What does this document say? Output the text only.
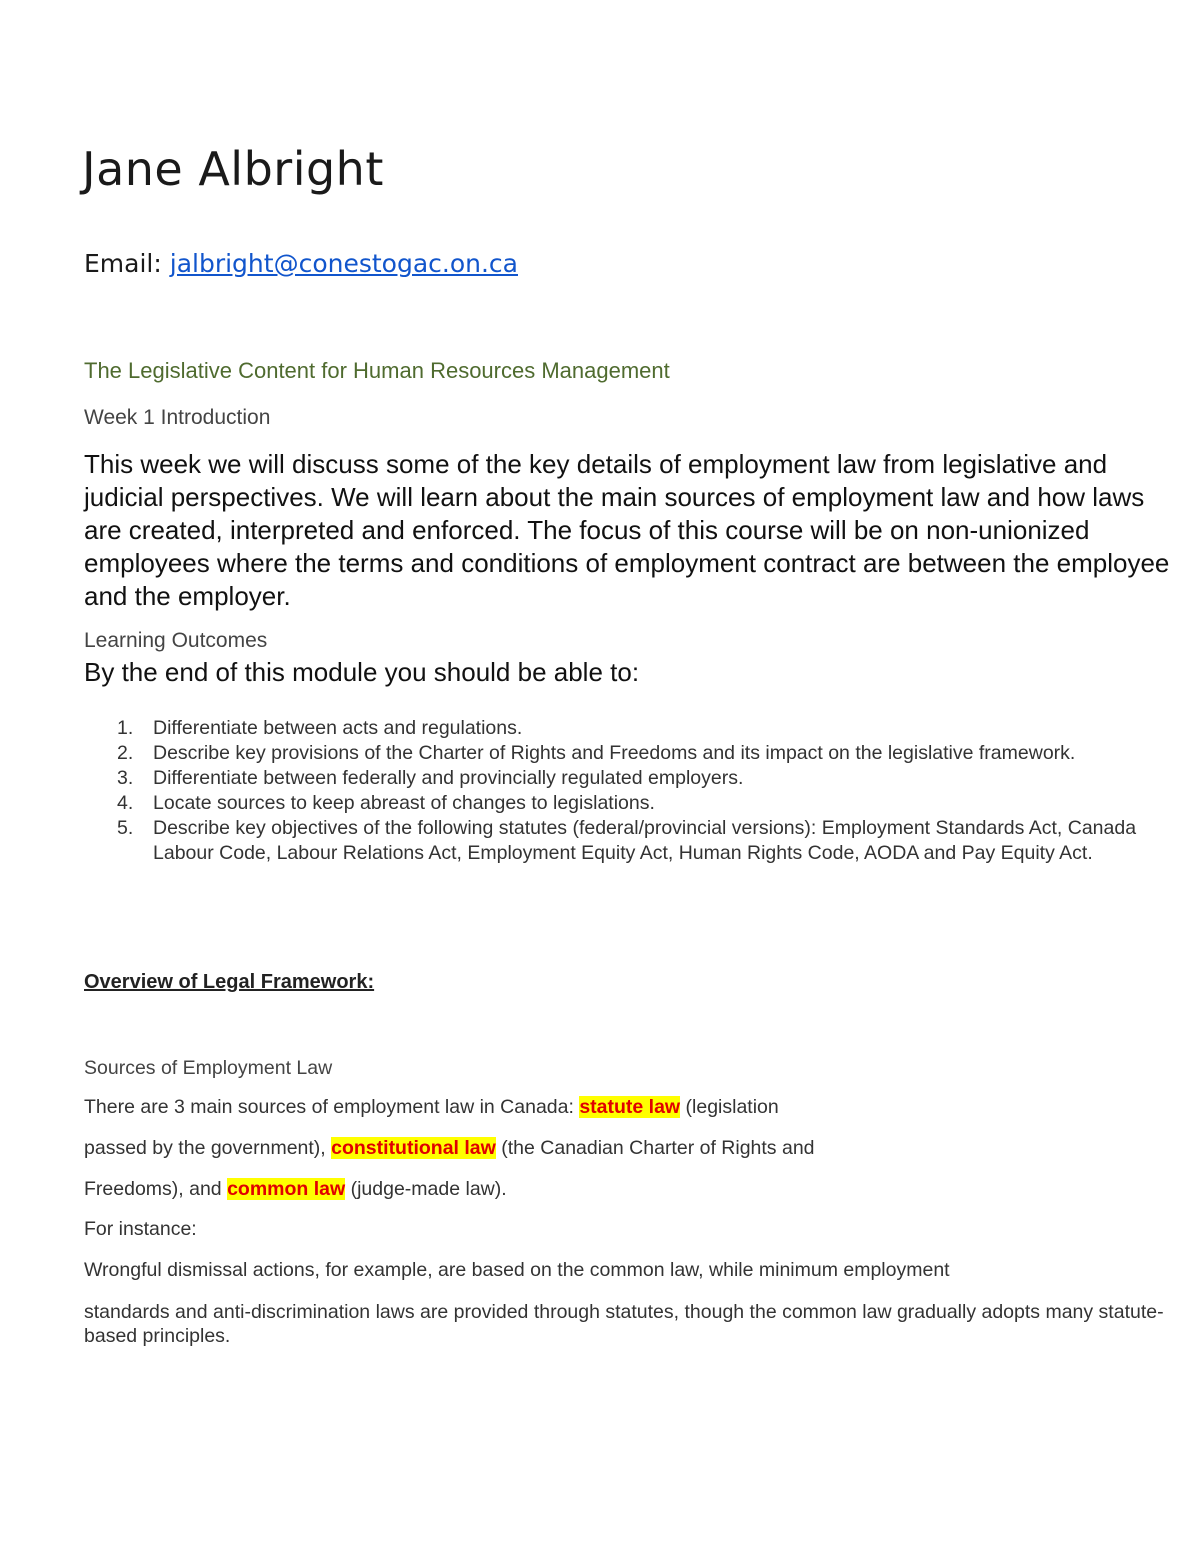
Jane Albright
Email: jalbright@conestogac.on.ca
The Legislative Content for Human Resources Management
Week 1 Introduction

This week we will discuss some of the key details of employment law from legislative and judicial perspectives. We will learn about the main sources of employment law and how laws are created, interpreted and enforced. The focus of this course will be on non-unionized employees where the terms and conditions of employment contract are between the employee and the employer.

Learning Outcomes
By the end of this module you should be able to:
1.	Differentiate between acts and regulations.
2.	Describe key provisions of the Charter of Rights and Freedoms and its impact on the legislative framework.
3.	Differentiate between federally and provincially regulated employers.
4.	Locate sources to keep abreast of changes to legislations.
5.	Describe key objectives of the following statutes (federal/provincial versions): Employment Standards Act, Canada Labour Code, Labour Relations Act, Employment Equity Act, Human Rights Code, AODA and Pay Equity Act.
Overview of Legal Framework:
Sources of Employment Law
There are 3 main sources of employment law in Canada: statute law (legislation
passed by the government), constitutional law (the Canadian Charter of Rights and
Freedoms), and common law (judge-made law).
For instance:
Wrongful dismissal actions, for example, are based on the common law, while minimum employment

standards and anti-discrimination laws are provided through statutes, though the common law gradually adopts many statute-based principles.
